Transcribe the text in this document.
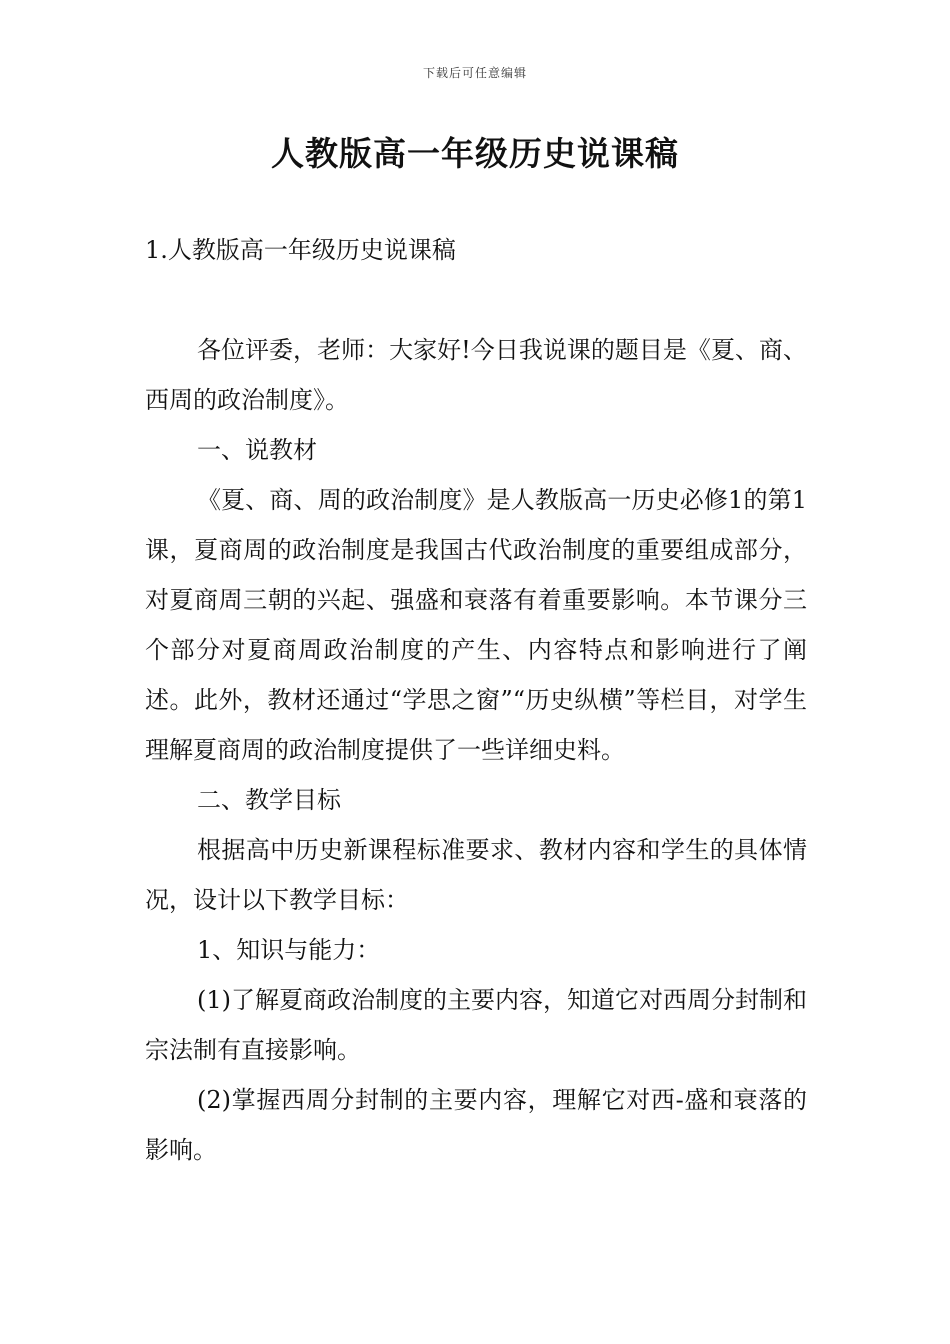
下载后可任意编辑
人教版高一年级历史说课稿
1.人教版高一年级历史说课稿

各位评委，老师：大家好!今日我说课的题目是《夏、商、西周的政治制度》。

一、说教材

《夏、商、周的政治制度》是人教版高一历史必修1的第1课，夏商周的政治制度是我国古代政治制度的重要组成部分，对夏商周三朝的兴起、强盛和衰落有着重要影响。本节课分三个部分对夏商周政治制度的产生、内容特点和影响进行了阐述。此外，教材还通过“学思之窗”“历史纵横”等栏目，对学生理解夏商周的政治制度提供了一些详细史料。

二、教学目标

根据高中历史新课程标准要求、教材内容和学生的具体情况，设计以下教学目标：

1、知识与能力：

(1)了解夏商政治制度的主要内容，知道它对西周分封制和宗法制有直接影响。

(2)掌握西周分封制的主要内容，理解它对西-盛和衰落的影响。
